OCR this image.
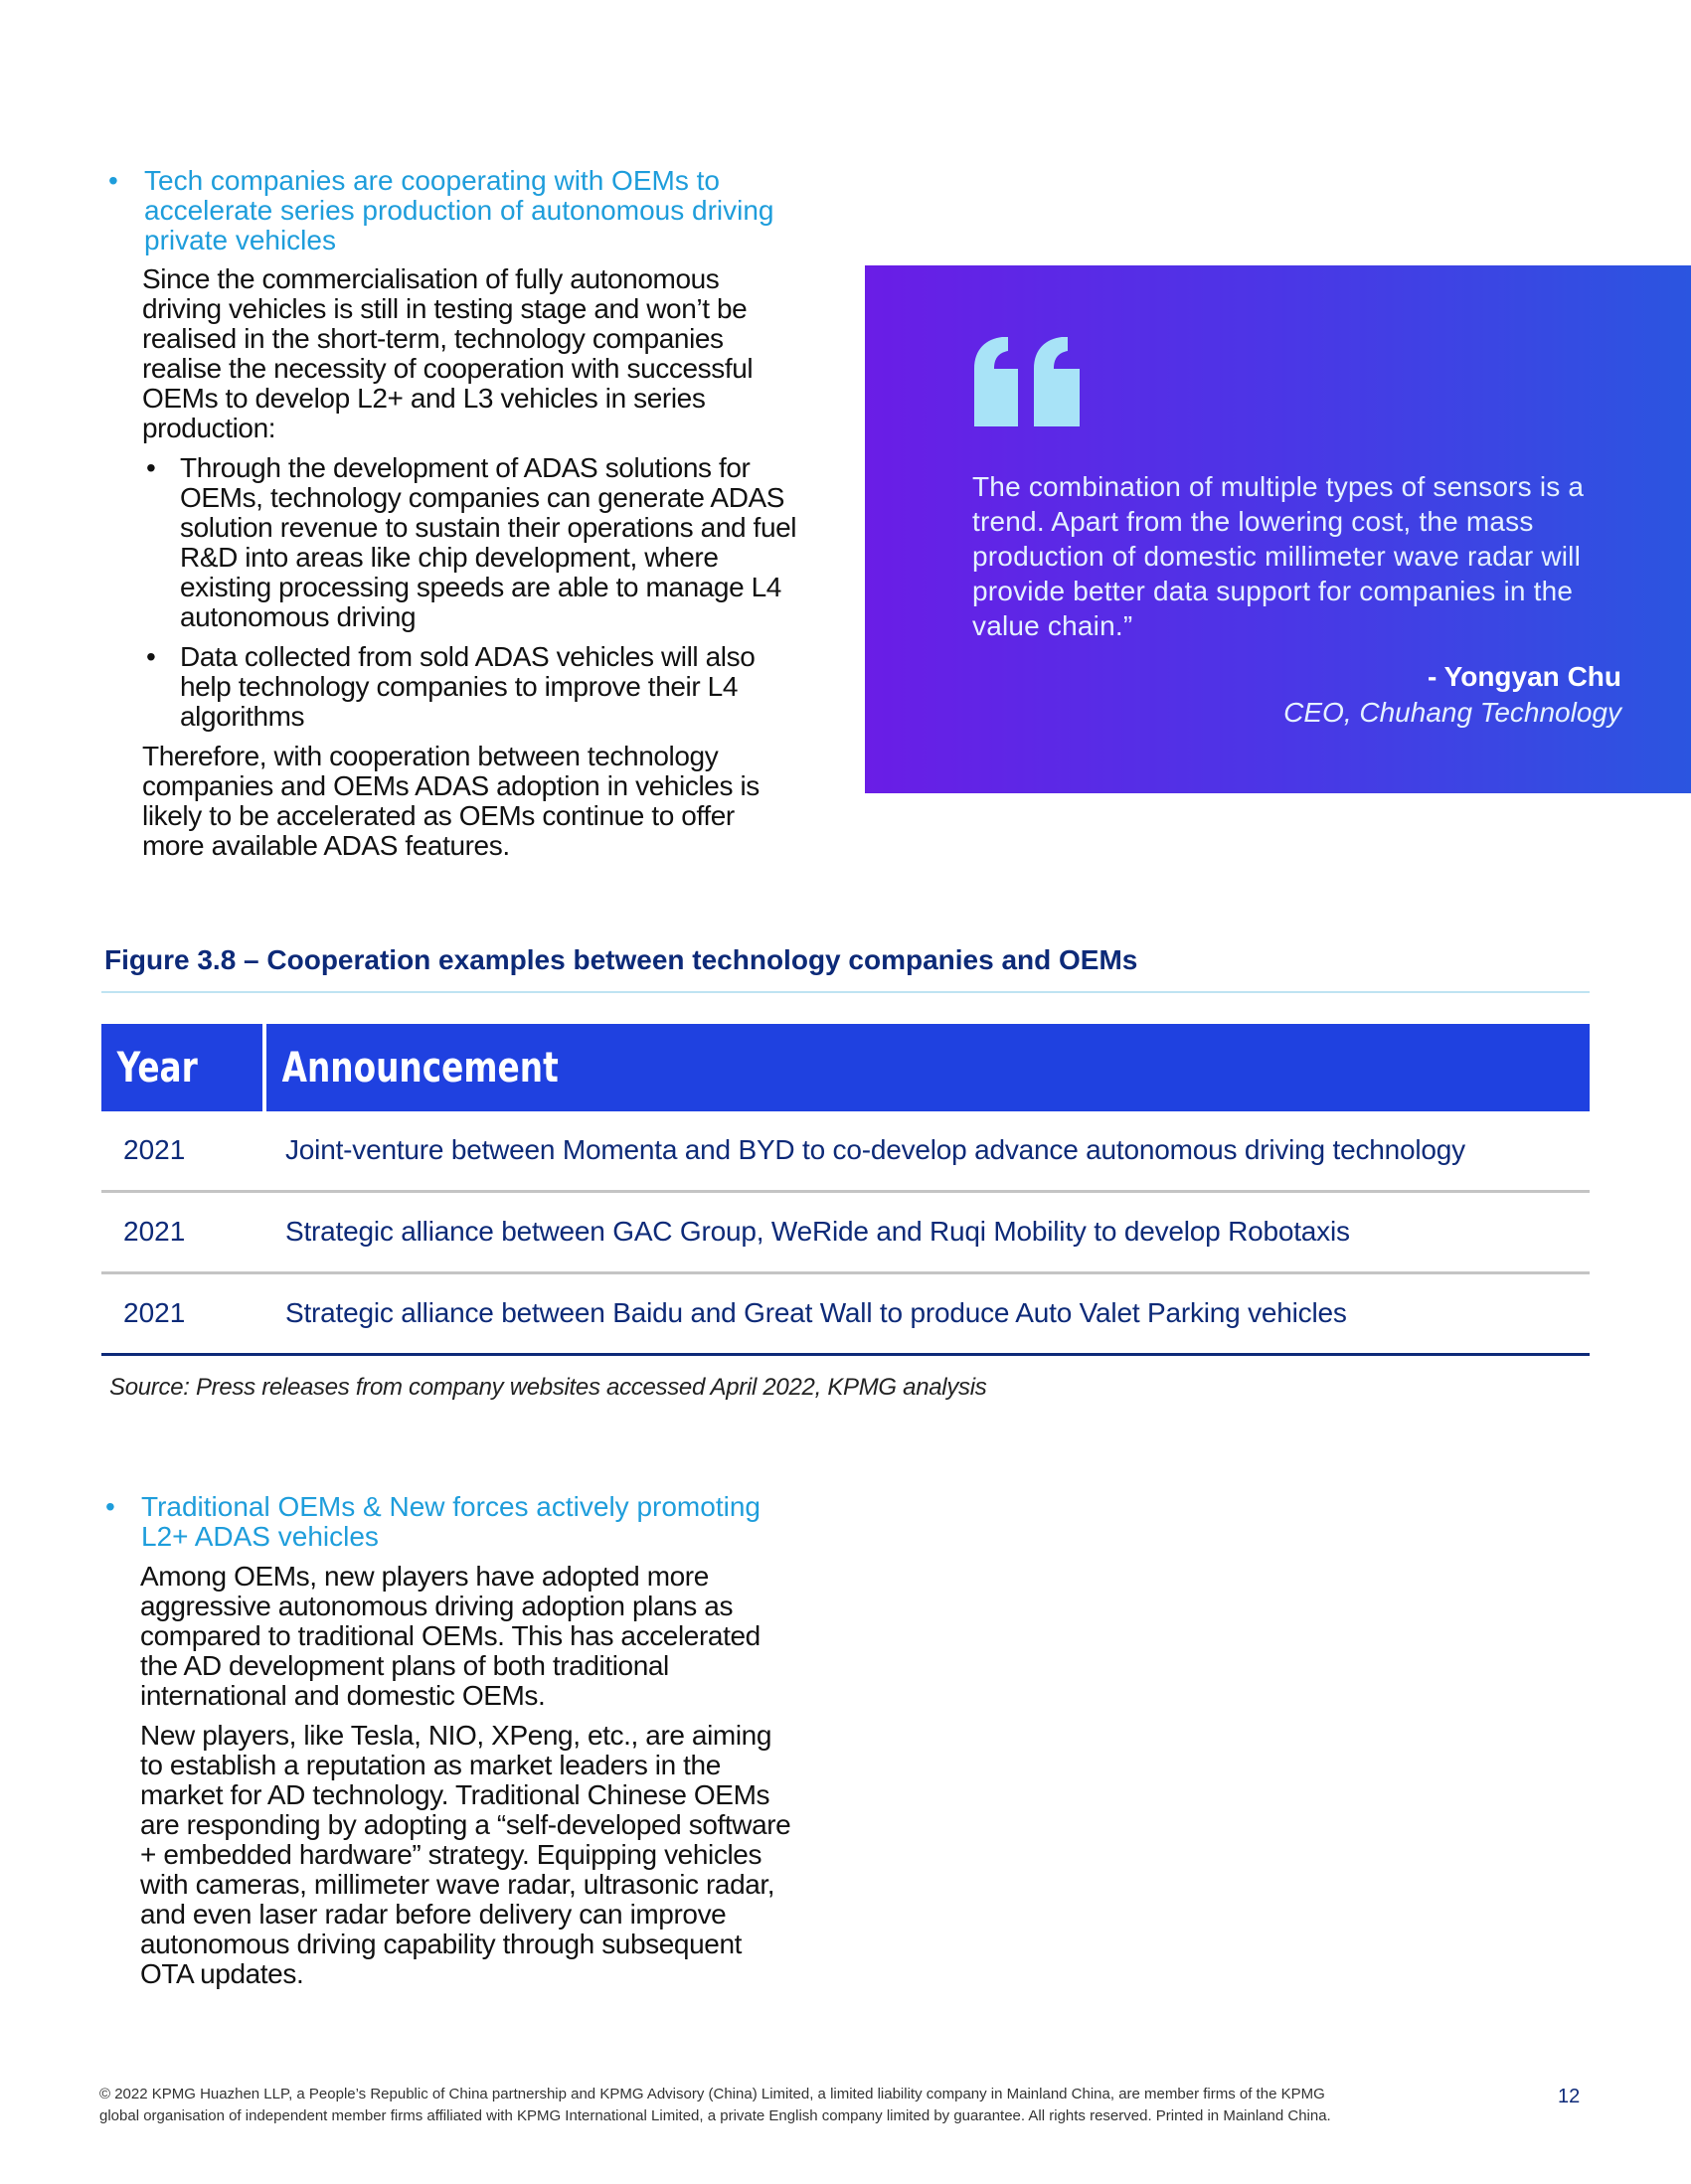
• Tech companies are cooperating with OEMs to accelerate series production of autonomous driving private vehicles

Since the commercialisation of fully autonomous driving vehicles is still in testing stage and won’t be realised in the short-term, technology companies realise the necessity of cooperation with successful OEMs to develop L2+ and L3 vehicles in series production:

• Through the development of ADAS solutions for OEMs, technology companies can generate ADAS solution revenue to sustain their operations and fuel R&D into areas like chip development, where existing processing speeds are able to manage L4 autonomous driving
• Data collected from sold ADAS vehicles will also help technology companies to improve their L4 algorithms

Therefore, with cooperation between technology companies and OEMs ADAS adoption in vehicles is likely to be accelerated as OEMs continue to offer more available ADAS features.

The combination of multiple types of sensors is a trend. Apart from the lowering cost, the mass production of domestic millimeter wave radar will provide better data support for companies in the value chain.”
- Yongyan Chu
CEO, Chuhang Technology
Figure 3.8 – Cooperation examples between technology companies and OEMs
Year	Announcement
2021	Joint-venture between Momenta and BYD to co-develop advance autonomous driving technology
2021	Strategic alliance between GAC Group, WeRide and Ruqi Mobility to develop Robotaxis
2021	Strategic alliance between Baidu and Great Wall to produce Auto Valet Parking vehicles
Source: Press releases from company websites accessed April 2022, KPMG analysis
• Traditional OEMs & New forces actively promoting L2+ ADAS vehicles

Among OEMs, new players have adopted more aggressive autonomous driving adoption plans as compared to traditional OEMs. This has accelerated the AD development plans of both traditional international and domestic OEMs.

New players, like Tesla, NIO, XPeng, etc., are aiming to establish a reputation as market leaders in the market for AD technology. Traditional Chinese OEMs are responding by adopting a “self-developed software + embedded hardware” strategy. Equipping vehicles with cameras, millimeter wave radar, ultrasonic radar, and even laser radar before delivery can improve autonomous driving capability through subsequent OTA updates.

© 2022 KPMG Huazhen LLP, a People’s Republic of China partnership and KPMG Advisory (China) Limited, a limited liability company in Mainland China, are member firms of the KPMG
global organisation of independent member firms affiliated with KPMG International Limited, a private English company limited by guarantee. All rights reserved. Printed in Mainland China.
12
